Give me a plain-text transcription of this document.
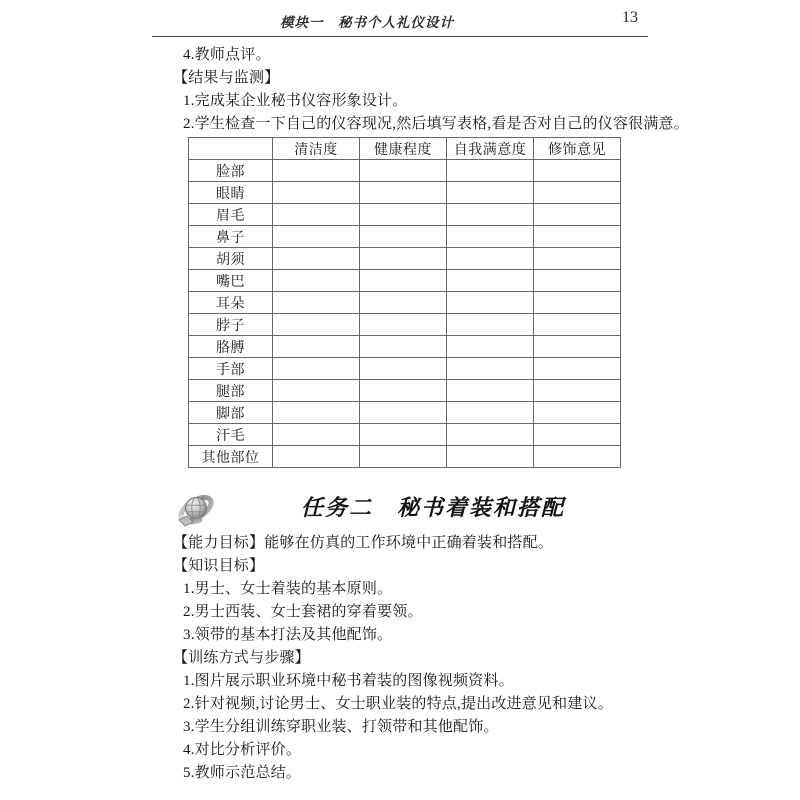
模块一　秘书个人礼仪设计	13
4.教师点评。
【结果与监测】
1.完成某企业秘书仪容形象设计。
2.学生检查一下自己的仪容现况,然后填写表格,看是否对自己的仪容很满意。
	清洁度	健康程度	自我满意度	修饰意见
脸部				
眼睛				
眉毛				
鼻子				
胡须				
嘴巴				
耳朵				
脖子				
胳膊				
手部				
腿部				
脚部				
汗毛				
其他部位				
任务二　秘书着装和搭配
【能力目标】能够在仿真的工作环境中正确着装和搭配。
【知识目标】
1.男士、女士着装的基本原则。
2.男士西装、女士套裙的穿着要领。
3.领带的基本打法及其他配饰。
【训练方式与步骤】
1.图片展示职业环境中秘书着装的图像视频资料。
2.针对视频,讨论男士、女士职业装的特点,提出改进意见和建议。
3.学生分组训练穿职业装、打领带和其他配饰。
4.对比分析评价。
5.教师示范总结。
